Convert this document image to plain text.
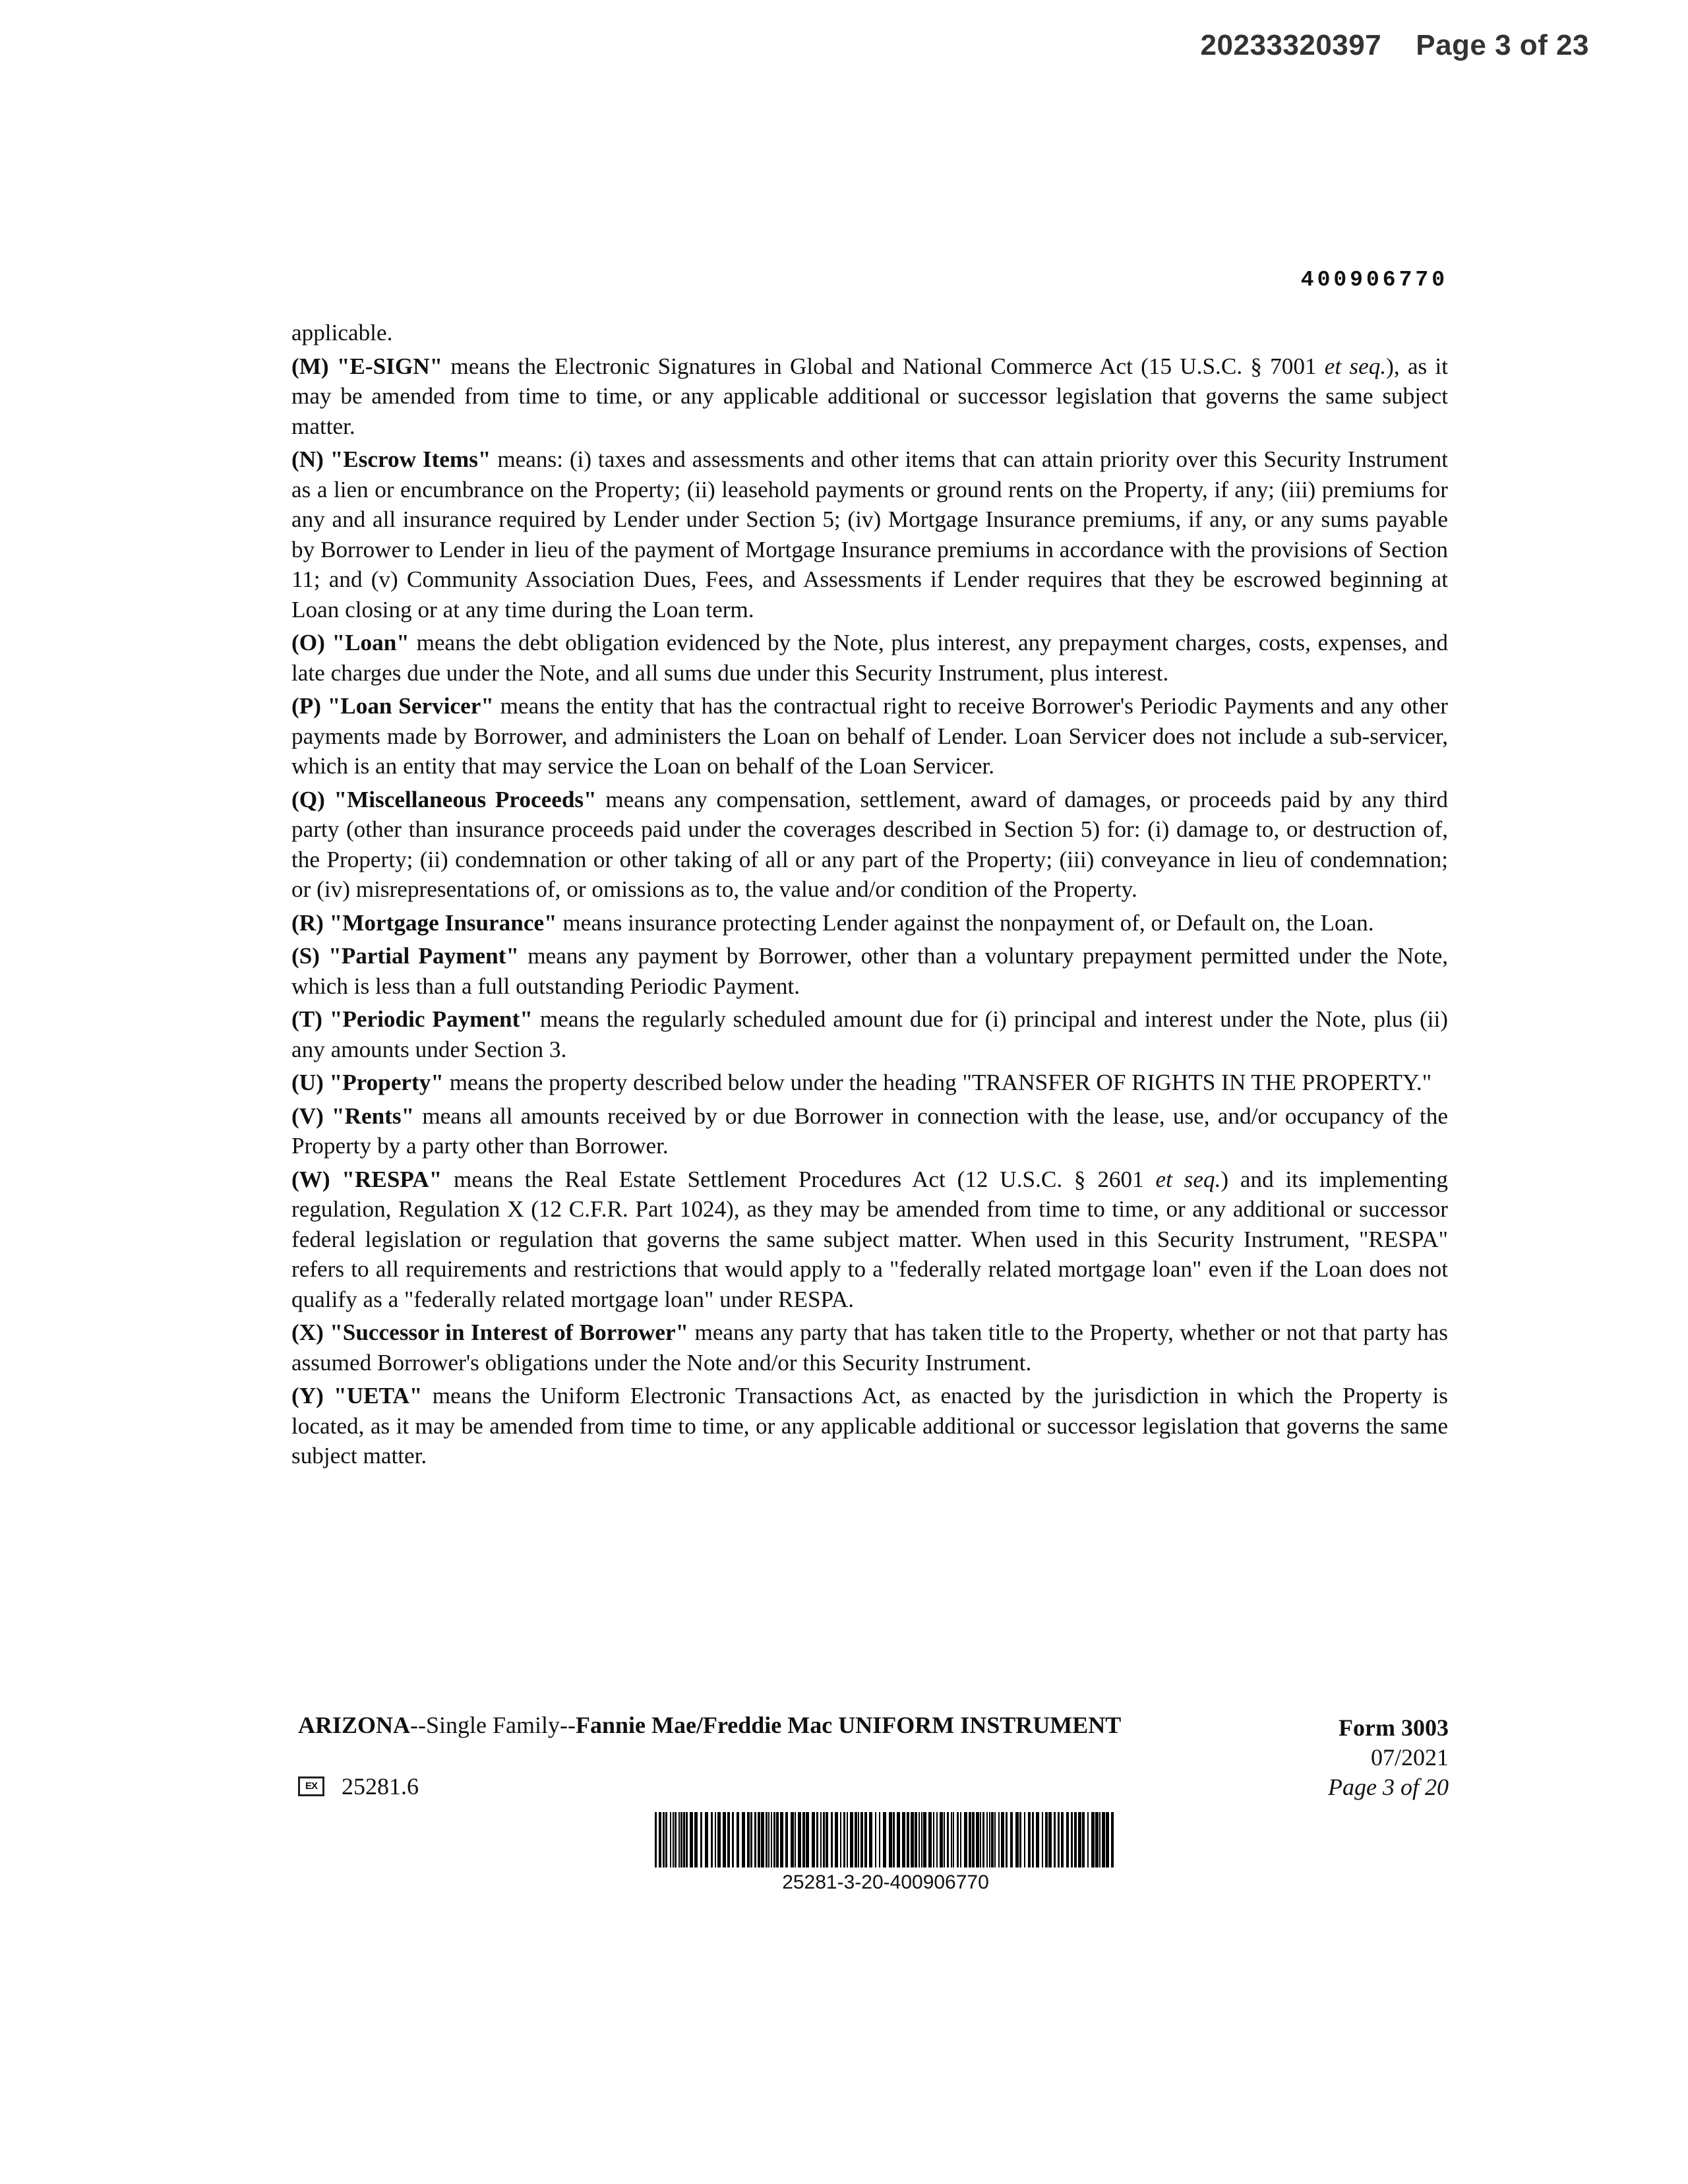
20233320397 Page 3 of 23
400906770

applicable.

(M) "E-SIGN" means the Electronic Signatures in Global and National Commerce Act (15 U.S.C. § 7001 et seq.), as it may be amended from time to time, or any applicable additional or successor legislation that governs the same subject matter.

(N) "Escrow Items" means: (i) taxes and assessments and other items that can attain priority over this Security Instrument as a lien or encumbrance on the Property; (ii) leasehold payments or ground rents on the Property, if any; (iii) premiums for any and all insurance required by Lender under Section 5; (iv) Mortgage Insurance premiums, if any, or any sums payable by Borrower to Lender in lieu of the payment of Mortgage Insurance premiums in accordance with the provisions of Section 11; and (v) Community Association Dues, Fees, and Assessments if Lender requires that they be escrowed beginning at Loan closing or at any time during the Loan term.

(O) "Loan" means the debt obligation evidenced by the Note, plus interest, any prepayment charges, costs, expenses, and late charges due under the Note, and all sums due under this Security Instrument, plus interest.

(P) "Loan Servicer" means the entity that has the contractual right to receive Borrower's Periodic Payments and any other payments made by Borrower, and administers the Loan on behalf of Lender. Loan Servicer does not include a sub-servicer, which is an entity that may service the Loan on behalf of the Loan Servicer.

(Q) "Miscellaneous Proceeds" means any compensation, settlement, award of damages, or proceeds paid by any third party (other than insurance proceeds paid under the coverages described in Section 5) for: (i) damage to, or destruction of, the Property; (ii) condemnation or other taking of all or any part of the Property; (iii) conveyance in lieu of condemnation; or (iv) misrepresentations of, or omissions as to, the value and/or condition of the Property.

(R) "Mortgage Insurance" means insurance protecting Lender against the nonpayment of, or Default on, the Loan.

(S) "Partial Payment" means any payment by Borrower, other than a voluntary prepayment permitted under the Note, which is less than a full outstanding Periodic Payment.

(T) "Periodic Payment" means the regularly scheduled amount due for (i) principal and interest under the Note, plus (ii) any amounts under Section 3.

(U) "Property" means the property described below under the heading "TRANSFER OF RIGHTS IN THE PROPERTY."

(V) "Rents" means all amounts received by or due Borrower in connection with the lease, use, and/or occupancy of the Property by a party other than Borrower.

(W) "RESPA" means the Real Estate Settlement Procedures Act (12 U.S.C. § 2601 et seq.) and its implementing regulation, Regulation X (12 C.F.R. Part 1024), as they may be amended from time to time, or any additional or successor federal legislation or regulation that governs the same subject matter. When used in this Security Instrument, "RESPA" refers to all requirements and restrictions that would apply to a "federally related mortgage loan" even if the Loan does not qualify as a "federally related mortgage loan" under RESPA.

(X) "Successor in Interest of Borrower" means any party that has taken title to the Property, whether or not that party has assumed Borrower's obligations under the Note and/or this Security Instrument.

(Y) "UETA" means the Uniform Electronic Transactions Act, as enacted by the jurisdiction in which the Property is located, as it may be amended from time to time, or any applicable additional or successor legislation that governs the same subject matter.

ARIZONA--Single Family--Fannie Mae/Freddie Mac UNIFORM INSTRUMENT	Form 3003
07/2021
Page 3 of 20
EX	25281.6
25281-3-20-400906770
